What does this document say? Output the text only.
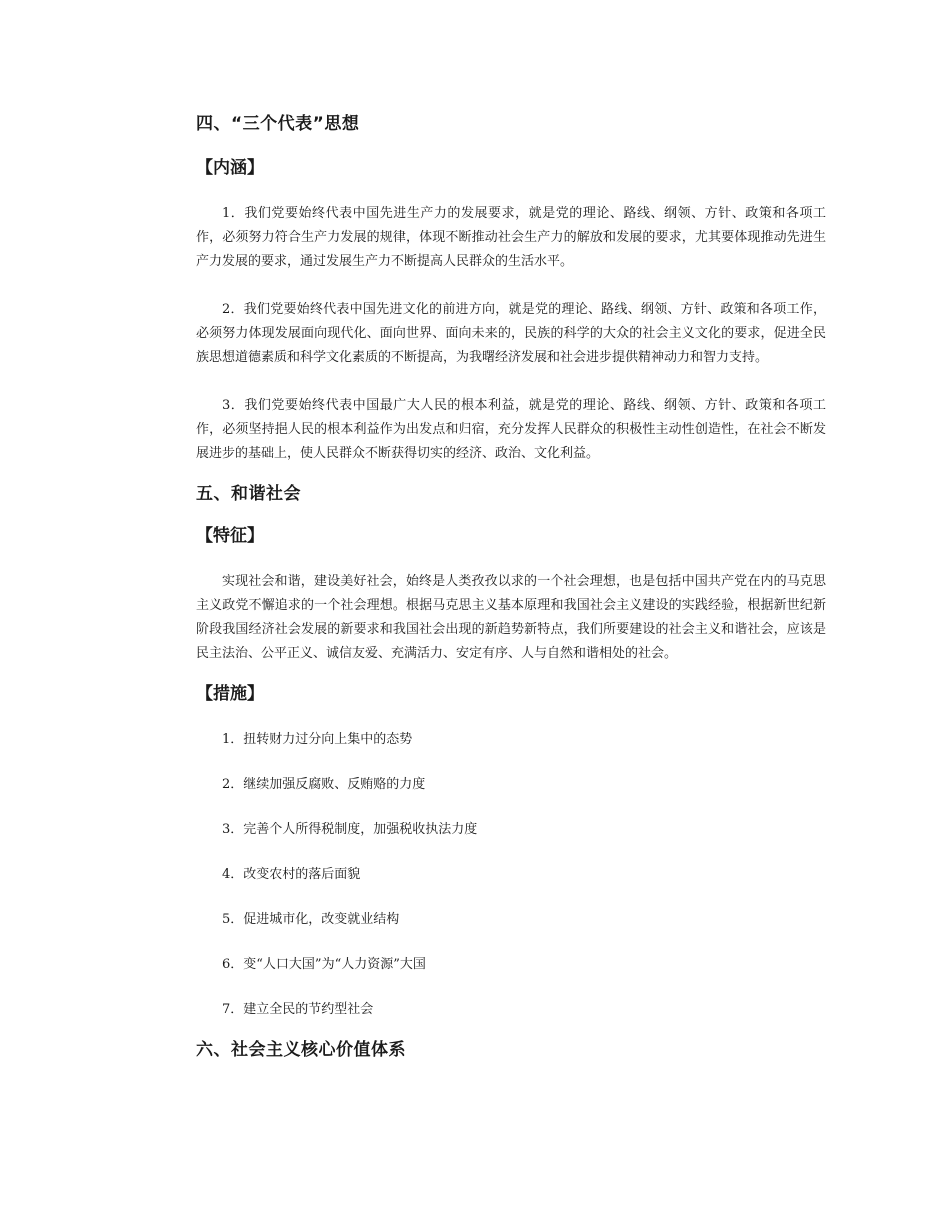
四、“三个代表”思想
【内涵】

1．我们党要始终代表中国先进生产力的发展要求，就是党的理论、路线、纲领、方针、政策和各项工作，必须努力符合生产力发展的规律，体现不断推动社会生产力的解放和发展的要求，尤其要体现推动先进生产力发展的要求，通过发展生产力不断提高人民群众的生活水平。

2．我们党要始终代表中国先进文化的前进方向，就是党的理论、路线、纲领、方针、政策和各项工作，必须努力体现发展面向现代化、面向世界、面向未来的，民族的科学的大众的社会主义文化的要求，促进全民族思想道德素质和科学文化素质的不断提高，为我曙经济发展和社会进步提供精神动力和智力支持。

3．我们党要始终代表中国最广大人民的根本利益，就是党的理论、路线、纲领、方针、政策和各项工作，必须坚持挹人民的根本利益作为出发点和归宿，充分发挥人民群众的积极性主动性创造性，在社会不断发展进步的基础上，使人民群众不断获得切实的经济、政治、文化利益。

五、和谐社会
【特征】

实现社会和谐，建设美好社会，始终是人类孜孜以求的一个社会理想，也是包括中国共产党在内的马克思主义政党不懈追求的一个社会理想。根据马克思主义基本原理和我国社会主义建设的实践经验，根据新世纪新阶段我国经济社会发展的新要求和我国社会出现的新趋势新特点，我们所要建设的社会主义和谐社会，应该是民主法治、公平正义、诚信友爱、充满活力、安定有序、人与自然和谐相处的社会。

【措施】

1．扭转财力过分向上集中的态势

2．继续加强反腐败、反贿赂的力度

3．完善个人所得税制度，加强税收执法力度

4．改变农村的落后面貌

5．促进城市化，改变就业结构

6．变“人口大国”为“人力资源”大国

7．建立全民的节约型社会

六、社会主义核心价值体系
